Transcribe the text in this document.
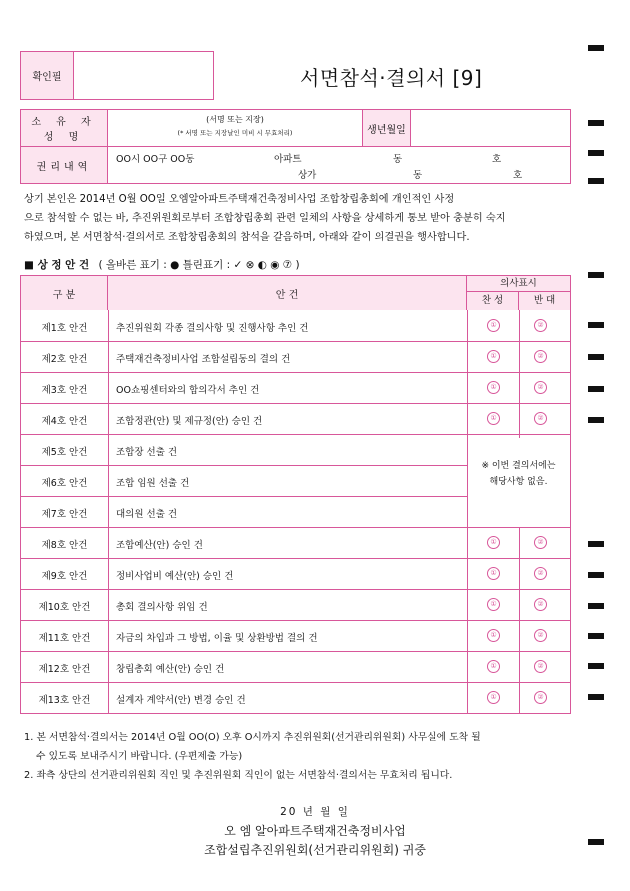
확인필	서면참석·결의서 [9]
소 유 자
성 명
(서명 또는 지장)
(* 서명 또는 지장날인 미비 시 무효처리)	생년월일
권리내역
OO시 OO구 OO동	아파트	동	호
상가	동	호
상기 본인은 2014년 O월 OO일 오엠알아파트주택재건축정비사업 조합창립총회에 개인적인 사정
으로 참석할 수 없는 바, 추진위원회로부터 조합창립총회 관련 일체의 사항을 상세하게 통보 받아 충분히 숙지
하였으며, 본 서면참석·결의서로 조합창립총회의 참석을 갈음하며, 아래와 같이 의결권을 행사합니다.
■ 상 정 안 건 ( 올바른 표기 : ● 틀린표기 : ✓ ⊗ ◐ ◉ ⑦ )
구 분	안 건
의사표시
찬 성	반 대
제1호 안건	추진위원회 각종 결의사항 및 진행사항 추인 건	①	②
제2호 안건	주택재건축정비사업 조합설립동의 결의 건	①	②
제3호 안건	OO쇼핑센터와의 합의각서 추인 건	①	②
제4호 안건	조합정관(안) 및 제규정(안) 승인 건	①	②
제5호 안건	조합장 선출 건
제6호 안건	조합 임원 선출 건
제7호 안건	대의원 선출 건
제8호 안건	조합예산(안) 승인 건	①	②
제9호 안건	정비사업비 예산(안) 승인 건	①	②
제10호 안건	총회 결의사항 위임 건	①	②
제11호 안건	자금의 차입과 그 방법, 이율 및 상환방법 결의 건	①	②
제12호 안건	창립총회 예산(안) 승인 건	①	②
제13호 안건	설계자 계약서(안) 변경 승인 건	①	②
※ 이번 결의서에는
해당사항 없음.
1. 본 서면참석·결의서는 2014년 O월 OO(O) 오후 O시까지 추진위원회(선거관리위원회) 사무실에 도착 될
수 있도록 보내주시기 바랍니다. (우편제출 가능)
2. 좌측 상단의 선거관리위원회 직인 및 추진위원회 직인이 없는 서면참석·결의서는 무효처리 됩니다.
20 년 월 일
오 엠 알아파트주택재건축정비사업
조합설립추진위원회(선거관리위원회) 귀중
